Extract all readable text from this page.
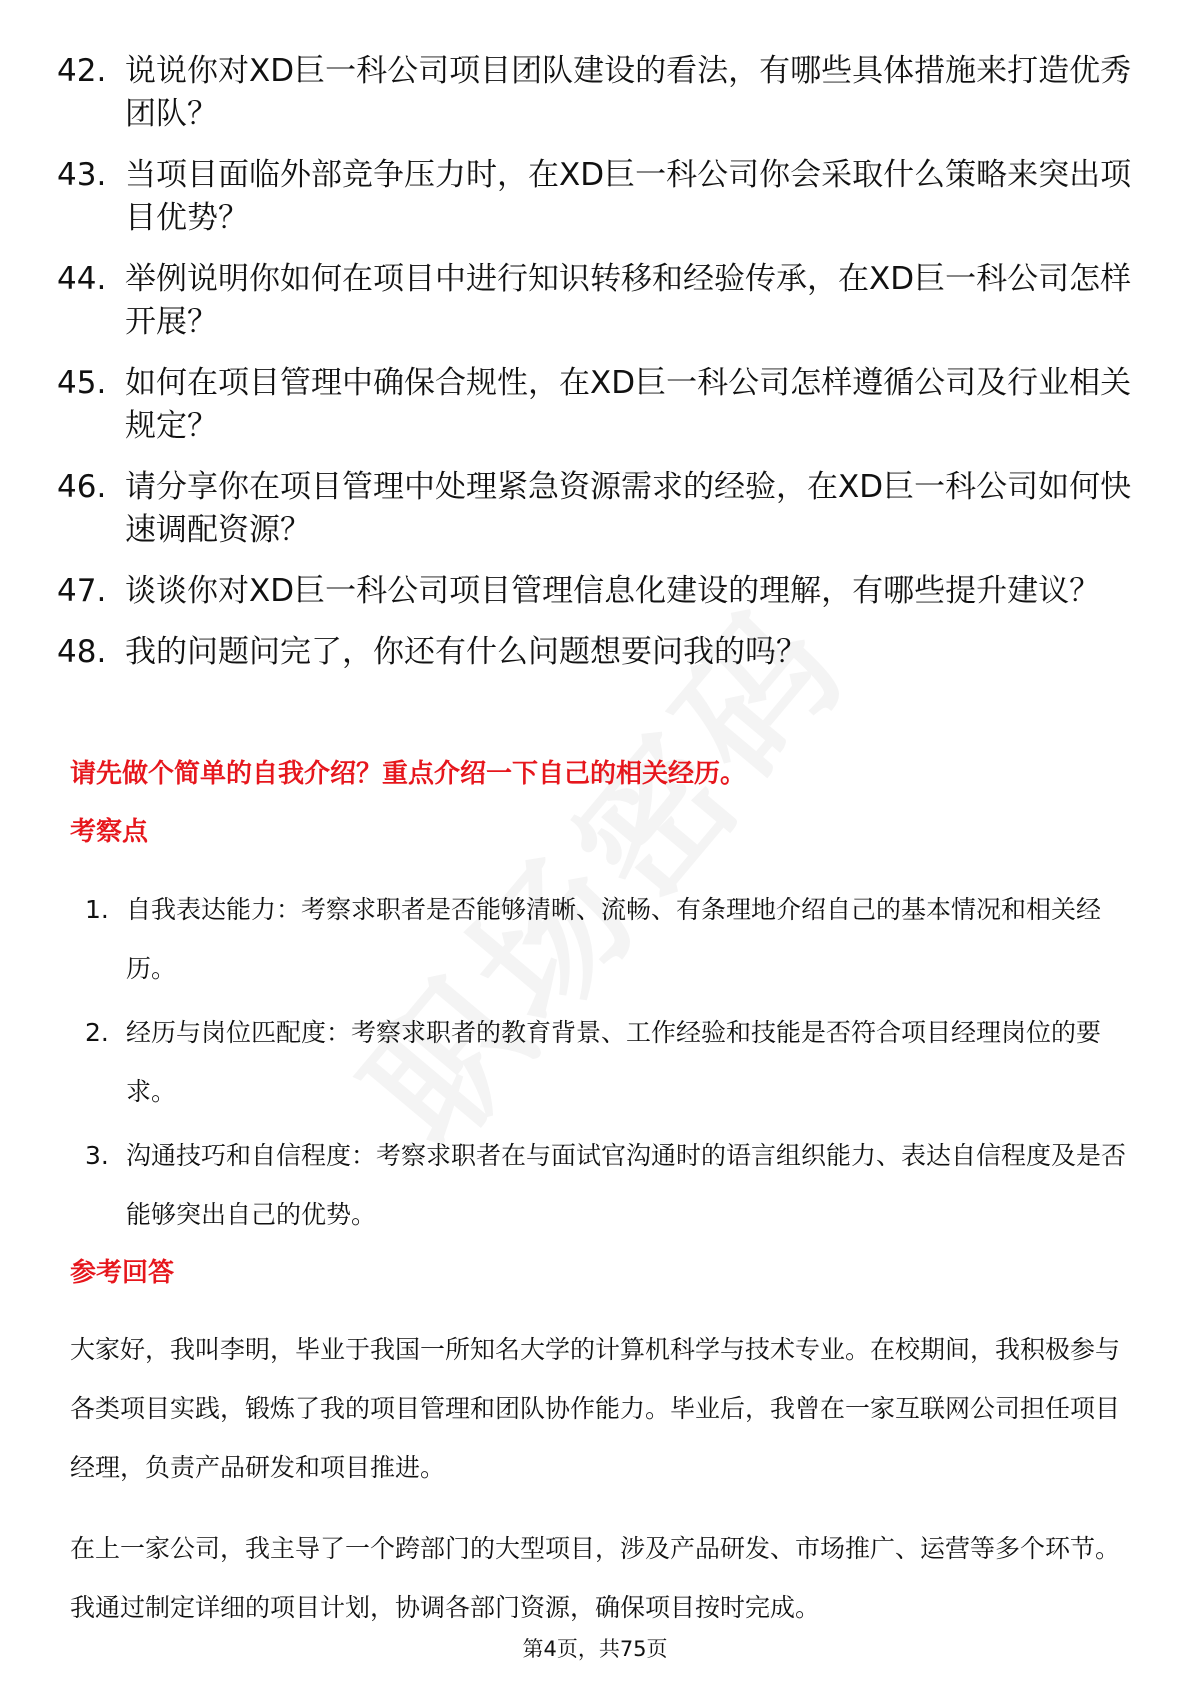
42. 说说你对XD巨一科公司项目团队建设的看法，有哪些具体措施来打造优秀团队？
43. 当项目面临外部竞争压力时，在XD巨一科公司你会采取什么策略来突出项目优势？
44. 举例说明你如何在项目中进行知识转移和经验传承，在XD巨一科公司怎样开展？
45. 如何在项目管理中确保合规性，在XD巨一科公司怎样遵循公司及行业相关规定？
46. 请分享你在项目管理中处理紧急资源需求的经验，在XD巨一科公司如何快速调配资源？
47. 谈谈你对XD巨一科公司项目管理信息化建设的理解，有哪些提升建议？
48. 我的问题问完了，你还有什么问题想要问我的吗？
请先做个简单的自我介绍？重点介绍一下自己的相关经历。
考察点
1. 自我表达能力：考察求职者是否能够清晰、流畅、有条理地介绍自己的基本情况和相关经历。
2. 经历与岗位匹配度：考察求职者的教育背景、工作经验和技能是否符合项目经理岗位的要求。
3. 沟通技巧和自信程度：考察求职者在与面试官沟通时的语言组织能力、表达自信程度及是否能够突出自己的优势。
参考回答
大家好，我叫李明，毕业于我国一所知名大学的计算机科学与技术专业。在校期间，我积极参与各类项目实践，锻炼了我的项目管理和团队协作能力。毕业后，我曾在一家互联网公司担任项目经理，负责产品研发和项目推进。
在上一家公司，我主导了一个跨部门的大型项目，涉及产品研发、市场推广、运营等多个环节。我通过制定详细的项目计划，协调各部门资源，确保项目按时完成。
第4页，共75页
